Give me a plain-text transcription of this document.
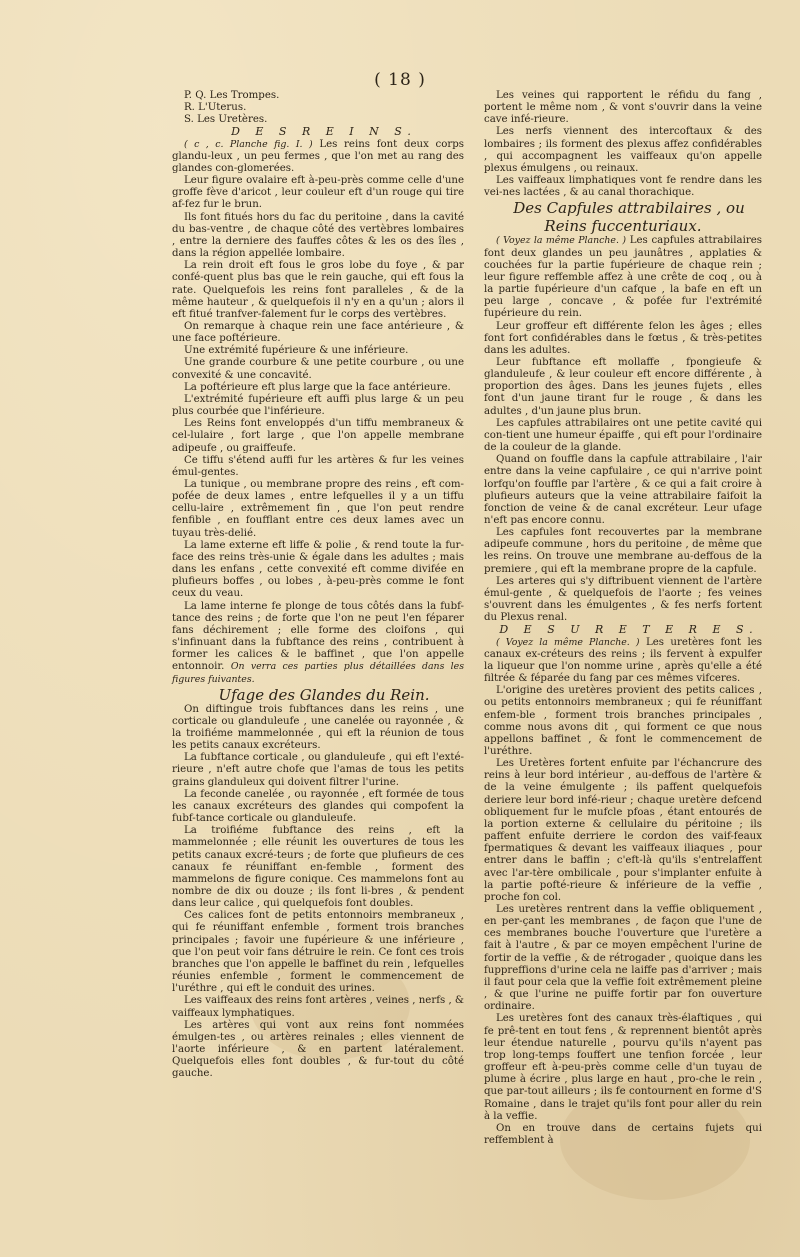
( 18 )

P. Q. Les Trompes.

R. L'Uterus.

S. Les Uretères.

D E S R E I N S.

( c , c. Planche fig. I. ) Les reins font deux corps glandu-leux , un peu fermes , que l'on met au rang des glandes con-glomerées.

Leur figure ovalaire eft à-peu-près comme celle d'une groffe fève d'aricot , leur couleur eft d'un rouge qui tire af-fez fur le brun.

Ils font fitués hors du fac du peritoine , dans la cavité du bas-ventre , de chaque côté des vertèbres lombaires , entre la derniere des fauffes côtes & les os des îles , dans la région appellée lombaire.

La rein droit eft fous le gros lobe du foye , & par confé-quent plus bas que le rein gauche, qui eft fous la rate. Quelquefois les reins font paralleles , & de la même hauteur , & quelquefois il n'y en a qu'un ; alors il eft fitué tranfver-falement fur le corps des vertèbres.

On remarque à chaque rein une face antérieure , & une face poftérieure.

Une extrémité fupérieure & une inférieure.

Une grande courbure & une petite courbure , ou une convexité & une concavité.

La poftérieure eft plus large que la face antérieure.

L'extrémité fupérieure eft auffi plus large & un peu plus courbée que l'inférieure.

Les Reins font enveloppés d'un tiffu membraneux & cel-lulaire , fort large , que l'on appelle membrane adipeufe , ou graiffeufe.

Ce tiffu s'étend auffi fur les artères & fur les veines émul-gentes.

La tunique , ou membrane propre des reins , eft com-pofée de deux lames , entre lefquelles il y a un tiffu cellu-laire , extrêmement fin , que l'on peut rendre fenfible , en foufflant entre ces deux lames avec un tuyau très-delié.

La lame externe eft liffe & polie , & rend toute la fur-face des reins très-unie & égale dans les adultes ; mais dans les enfans , cette convexité eft comme divifée en plufieurs boffes , ou lobes , à-peu-près comme le font ceux du veau.

La lame interne fe plonge de tous côtés dans la fubf-tance des reins ; de forte que l'on ne peut l'en féparer fans déchirement ; elle forme des cloifons , qui s'infinuant dans la fubftance des reins , contribuent à former les calices & le baffinet , que l'on appelle entonnoir. On verra ces parties plus détaillées dans les figures fuivantes.

Ufage des Glandes du Rein.

On diftingue trois fubftances dans les reins , une corticale ou glanduleufe , une canelée ou rayonnée , & la troifiéme mammelonnée , qui eft la réunion de tous les petits canaux excréteurs.

La fubftance corticale , ou glanduleufe , qui eft l'exté-rieure , n'eft autre chofe que l'amas de tous les petits grains glanduleux qui doivent filtrer l'urine.

La feconde canelée , ou rayonnée , eft formée de tous les canaux excréteurs des glandes qui compofent la fubf-tance corticale ou glanduleufe.

La troifiéme fubftance des reins , eft la mammelonnée ; elle réunit les ouvertures de tous les petits canaux excré-teurs ; de forte que plufieurs de ces canaux fe réuniffant en-femble , forment des mammelons de figure conique. Ces mammelons font au nombre de dix ou douze ; ils font li-bres , & pendent dans leur calice , qui quelquefois font doubles.

Ces calices font de petits entonnoirs membraneux , qui fe réuniffant enfemble , forment trois branches principales ; favoir une fupérieure & une inférieure , que l'on peut voir fans détruire le rein. Ce font ces trois branches que l'on appelle le baffinet du rein , lefquelles réunies enfemble , forment le commencement de l'uréthre , qui eft le conduit des urines.

Les vaiffeaux des reins font artères , veines , nerfs , & vaiffeaux lymphatiques.

Les artères qui vont aux reins font nommées émulgen-tes , ou artères reinales ; elles viennent de l'aorte inférieure , & en partent latéralement. Quelquefois elles font doubles , & fur-tout du côté gauche.

Les veines qui rapportent le réfidu du fang , portent le même nom , & vont s'ouvrir dans la veine cave infé-rieure.

Les nerfs viennent des intercoftaux & des lombaires ; ils forment des plexus affez confidérables , qui accompagnent les vaiffeaux qu'on appelle plexus émulgens , ou reinaux.

Les vaiffeaux limphatiques vont fe rendre dans les vei-nes lactées , & au canal thorachique.

Des Capfules attrabilaires , ou Reins fuccenturiaux.

( Voyez la même Planche. ) Les capfules attrabilaires font deux glandes un peu jaunâtres , applaties & couchées fur la partie fupérieure de chaque rein ; leur figure reffemble affez à une crête de coq , ou à la partie fupérieure d'un cafque , la bafe en eft un peu large , concave , & pofée fur l'extrémité fupérieure du rein.

Leur groffeur eft différente felon les âges ; elles font fort confidérables dans le fœtus , & très-petites dans les adultes.

Leur fubftance eft mollaffe , fpongieufe & glanduleufe , & leur couleur eft encore différente , à proportion des âges. Dans les jeunes fujets , elles font d'un jaune tirant fur le rouge , & dans les adultes , d'un jaune plus brun.

Les capfules attrabilaires ont une petite cavité qui con-tient une humeur épaiffe , qui eft pour l'ordinaire de la couleur de la glande.

Quand on fouffle dans la capfule attrabilaire , l'air entre dans la veine capfulaire , ce qui n'arrive point lorfqu'on fouffle par l'artère , & ce qui a fait croire à plufieurs auteurs que la veine attrabilaire faifoit la fonction de veine & de canal excréteur. Leur ufage n'eft pas encore connu.

Les capfules font recouvertes par la membrane adipeufe commune , hors du peritoine , de même que les reins. On trouve une membrane au-deffous de la premiere , qui eft la membrane propre de la capfule.

Les arteres qui s'y diftribuent viennent de l'artère émul-gente , & quelquefois de l'aorte ; fes veines s'ouvrent dans les émulgentes , & fes nerfs fortent du Plexus renal.

D E S U R E T E R E S.

( Voyez la même Planche. ) Les uretères font les canaux ex-créteurs des reins ; ils fervent à expulfer la liqueur que l'on nomme urine , après qu'elle a été filtrée & féparée du fang par ces mêmes vifceres.

L'origine des uretères provient des petits calices , ou petits entonnoirs membraneux ; qui fe réuniffant enfem-ble , forment trois branches principales , comme nous avons dit , qui forment ce que nous appellons baffinet , & font le commencement de l'uréthre.

Les Uretères fortent enfuite par l'échancrure des reins à leur bord intérieur , au-deffous de l'artère & de la veine émulgente ; ils paffent quelquefois deriere leur bord infé-rieur ; chaque uretère defcend obliquement fur le mufcle pfoas , étant entourés de la portion externe & cellulaire du péritoine ; ils paffent enfuite derriere le cordon des vaif-feaux fpermatiques & devant les vaiffeaux iliaques , pour entrer dans le baffin ; c'eft-là qu'ils s'entrelaffent avec l'ar-tère ombilicale , pour s'implanter enfuite à la partie pofté-rieure & inférieure de la veffie , proche fon col.

Les uretères rentrent dans la veffie obliquement , en per-çant les membranes , de façon que l'une de ces membranes bouche l'ouverture que l'uretère a fait à l'autre , & par ce moyen empêchent l'urine de fortir de la veffie , & de rétrogader , quoique dans les fuppreffions d'urine cela ne laiffe pas d'arriver ; mais il faut pour cela que la veffie foit extrêmement pleine , & que l'urine ne puiffe fortir par fon ouverture ordinaire.

Les uretères font des canaux très-élaftiques , qui fe prê-tent en tout fens , & reprennent bientôt après leur étendue naturelle , pourvu qu'ils n'ayent pas trop long-temps fouffert une tenfion forcée , leur groffeur eft à-peu-près comme celle d'un tuyau de plume à écrire , plus large en haut , pro-che le rein , que par-tout ailleurs ; ils fe contournent en forme d'S Romaine , dans le trajet qu'ils font pour aller du rein à la veffie.

On en trouve dans de certains fujets qui reffemblent à
